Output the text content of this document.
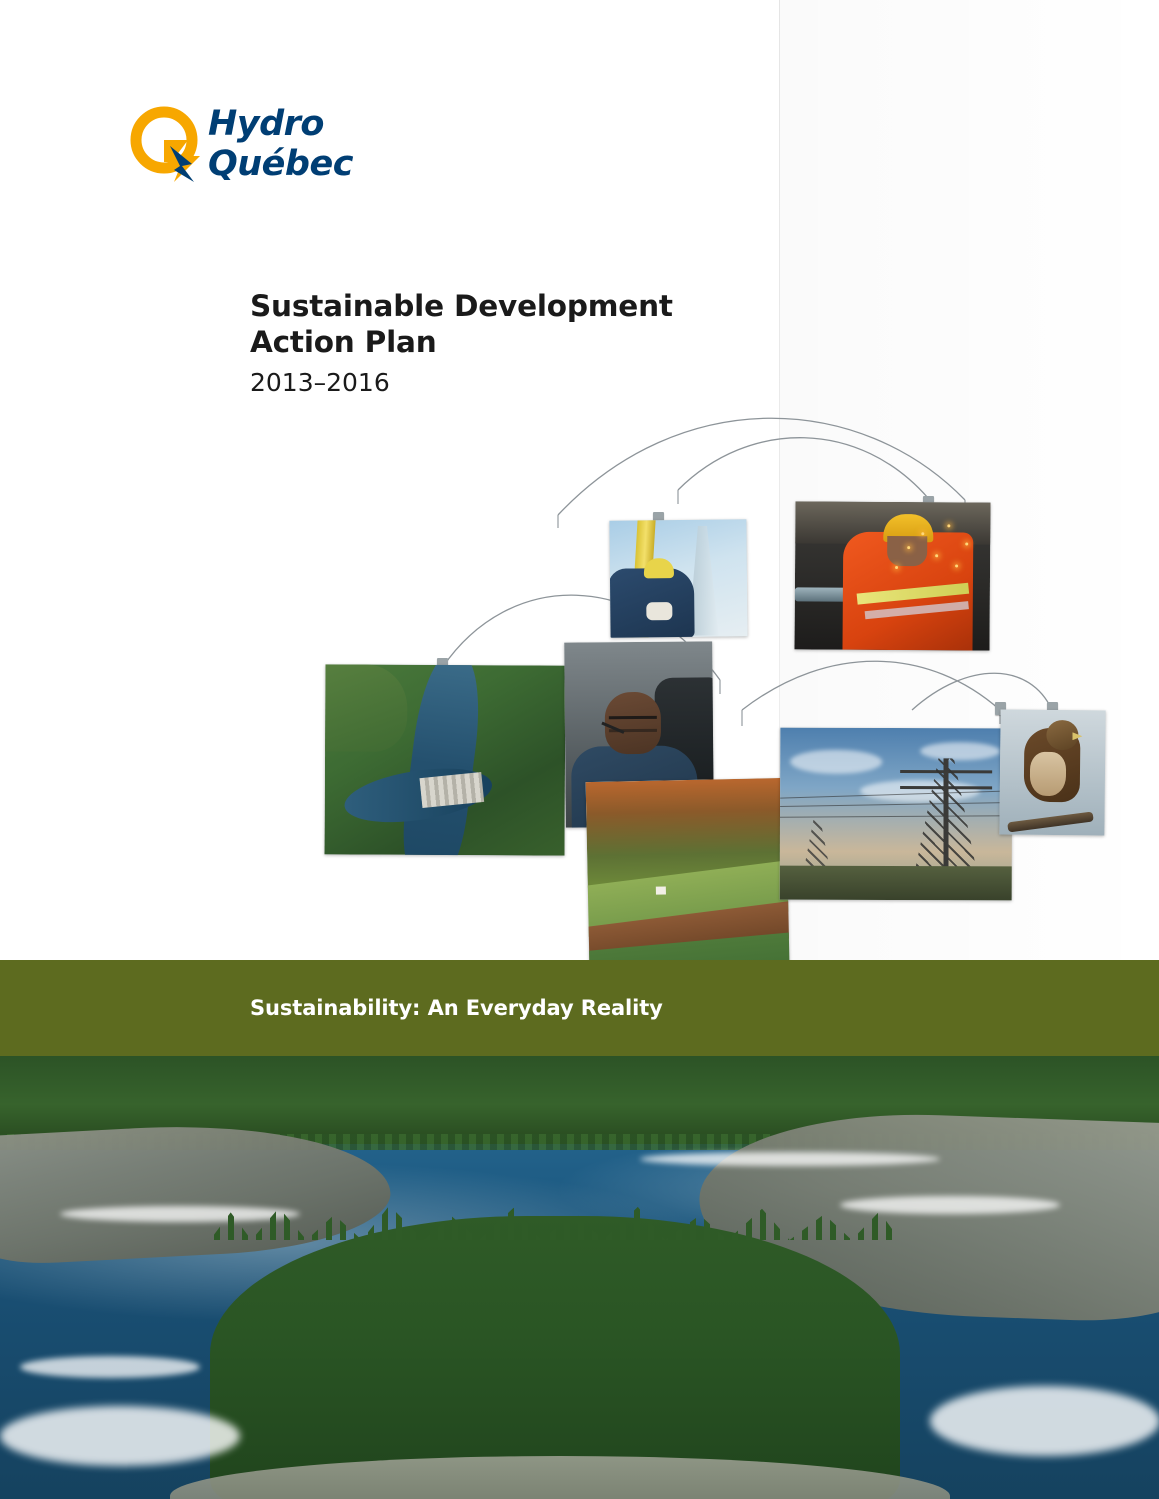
Hydro
Québec
Sustainable Development
Action Plan
2013–2016
Sustainability: An Everyday Reality
